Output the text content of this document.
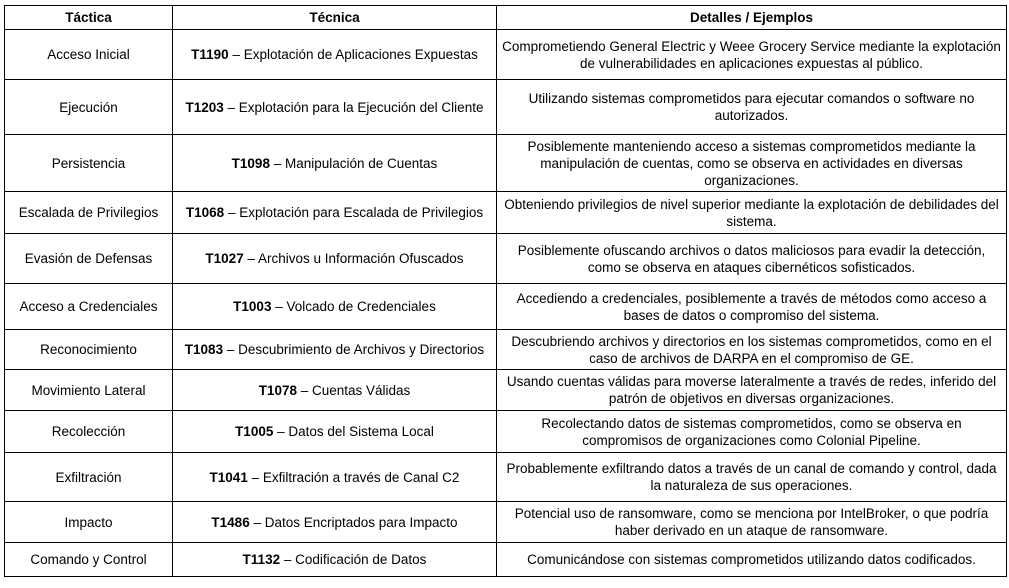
Táctica	Técnica	Detalles / Ejemplos
Acceso Inicial	T1190 – Explotación de Aplicaciones Expuestas	Comprometiendo General Electric y Weee Grocery Service mediante la explotación de vulnerabilidades en aplicaciones expuestas al público.
Ejecución	T1203 – Explotación para la Ejecución del Cliente	Utilizando sistemas comprometidos para ejecutar comandos o software no autorizados.
Persistencia	T1098 – Manipulación de Cuentas	Posiblemente manteniendo acceso a sistemas comprometidos mediante la manipulación de cuentas, como se observa en actividades en diversas organizaciones.
Escalada de Privilegios	T1068 – Explotación para Escalada de Privilegios	Obteniendo privilegios de nivel superior mediante la explotación de debilidades del sistema.
Evasión de Defensas	T1027 – Archivos u Información Ofuscados	Posiblemente ofuscando archivos o datos maliciosos para evadir la detección, como se observa en ataques cibernéticos sofisticados.
Acceso a Credenciales	T1003 – Volcado de Credenciales	Accediendo a credenciales, posiblemente a través de métodos como acceso a bases de datos o compromiso del sistema.
Reconocimiento	T1083 – Descubrimiento de Archivos y Directorios	Descubriendo archivos y directorios en los sistemas comprometidos, como en el caso de archivos de DARPA en el compromiso de GE.
Movimiento Lateral	T1078 – Cuentas Válidas	Usando cuentas válidas para moverse lateralmente a través de redes, inferido del patrón de objetivos en diversas organizaciones.
Recolección	T1005 – Datos del Sistema Local	Recolectando datos de sistemas comprometidos, como se observa en compromisos de organizaciones como Colonial Pipeline.
Exfiltración	T1041 – Exfiltración a través de Canal C2	Probablemente exfiltrando datos a través de un canal de comando y control, dada la naturaleza de sus operaciones.
Impacto	T1486 – Datos Encriptados para Impacto	Potencial uso de ransomware, como se menciona por IntelBroker, o que podría haber derivado en un ataque de ransomware.
Comando y Control	T1132 – Codificación de Datos	Comunicándose con sistemas comprometidos utilizando datos codificados.
